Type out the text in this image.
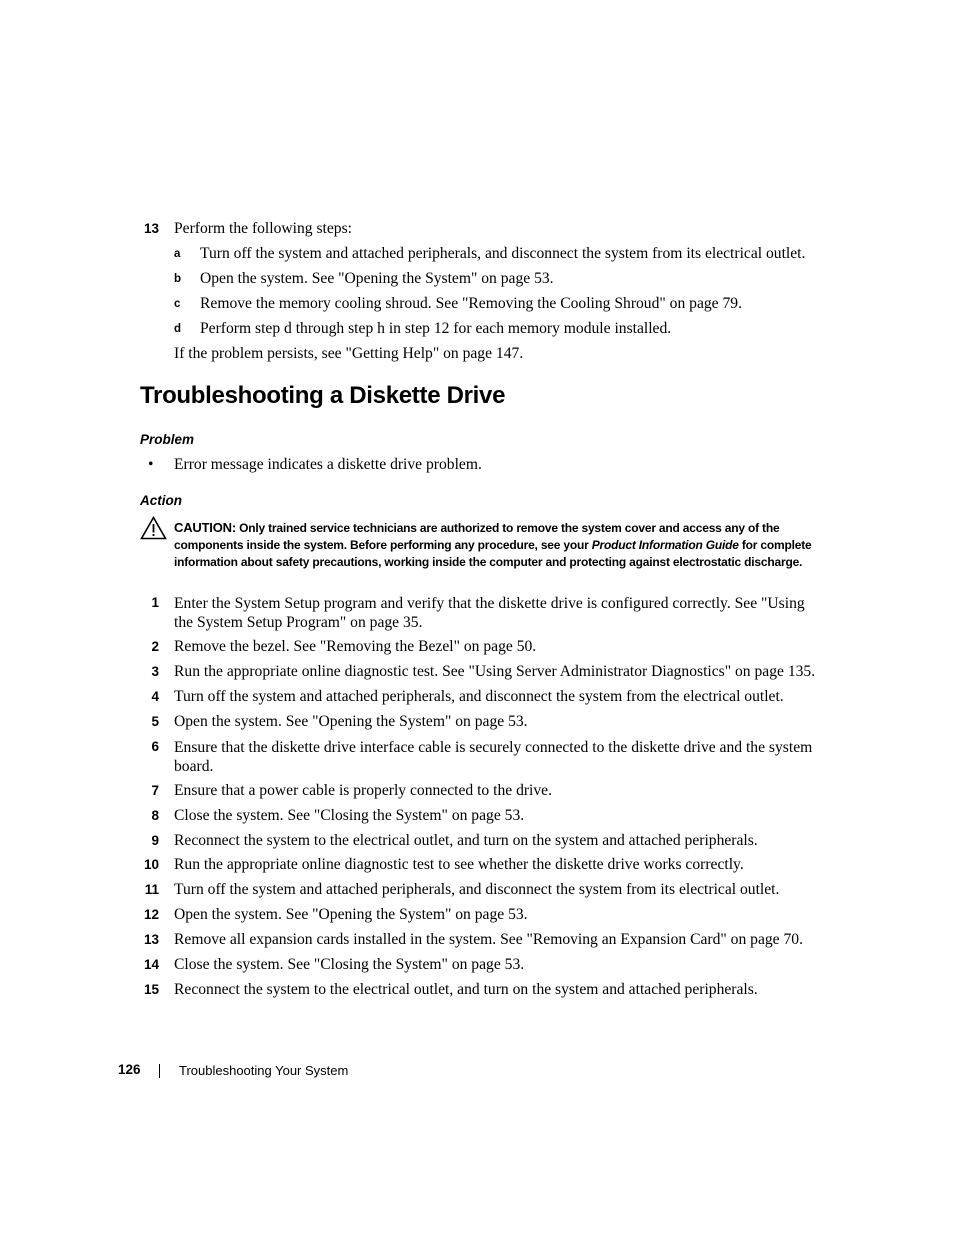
13 Perform the following steps:
a Turn off the system and attached peripherals, and disconnect the system from its electrical outlet.
b Open the system. See "Opening the System" on page 53.
c Remove the memory cooling shroud. See "Removing the Cooling Shroud" on page 79.
d Perform step d through step h in step 12 for each memory module installed.
If the problem persists, see "Getting Help" on page 147.
Troubleshooting a Diskette Drive
Problem
• Error message indicates a diskette drive problem.
Action
CAUTION: Only trained service technicians are authorized to remove the system cover and access any of the components inside the system. Before performing any procedure, see your Product Information Guide for complete information about safety precautions, working inside the computer and protecting against electrostatic discharge.
1 Enter the System Setup program and verify that the diskette drive is configured correctly. See "Using the System Setup Program" on page 35.
2 Remove the bezel. See "Removing the Bezel" on page 50.
3 Run the appropriate online diagnostic test. See "Using Server Administrator Diagnostics" on page 135.
4 Turn off the system and attached peripherals, and disconnect the system from the electrical outlet.
5 Open the system. See "Opening the System" on page 53.
6 Ensure that the diskette drive interface cable is securely connected to the diskette drive and the system board.
7 Ensure that a power cable is properly connected to the drive.
8 Close the system. See "Closing the System" on page 53.
9 Reconnect the system to the electrical outlet, and turn on the system and attached peripherals.
10 Run the appropriate online diagnostic test to see whether the diskette drive works correctly.
11 Turn off the system and attached peripherals, and disconnect the system from its electrical outlet.
12 Open the system. See "Opening the System" on page 53.
13 Remove all expansion cards installed in the system. See "Removing an Expansion Card" on page 70.
14 Close the system. See "Closing the System" on page 53.
15 Reconnect the system to the electrical outlet, and turn on the system and attached peripherals.
126	Troubleshooting Your System
